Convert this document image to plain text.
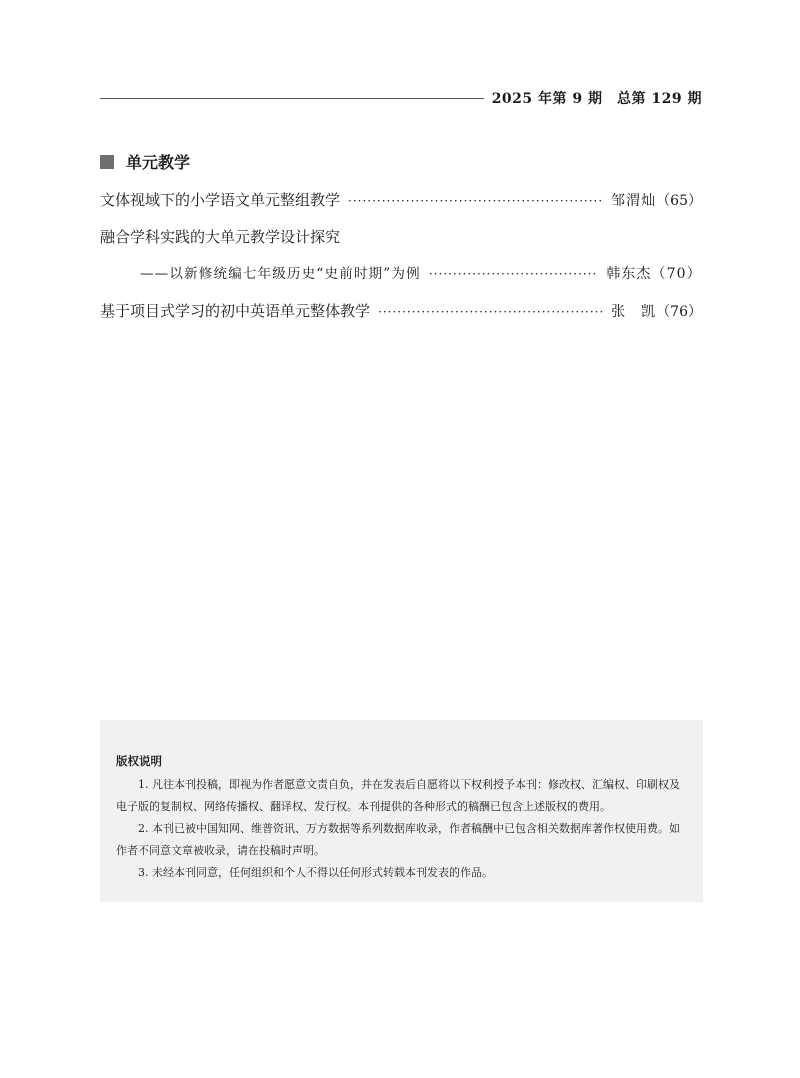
2025 年第 9 期　总第 129 期
单元教学
文体视域下的小学语文单元整组教学 ·····	邹渭灿 （65）
融合学科实践的大单元教学设计探究
——以新修统编七年级历史“史前时期”为例 ·····	韩东杰 （70）
基于项目式学习的初中英语单元整体教学 ·····	张　凯 （76）
版权说明

1. 凡往本刊投稿，即视为作者愿意文责自负，并在发表后自愿将以下权利授予本刊：修改权、汇编权、印刷权及电子版的复制权、网络传播权、翻译权、发行权。本刊提供的各种形式的稿酬已包含上述版权的费用。

2. 本刊已被中国知网、维普资讯、万方数据等系列数据库收录，作者稿酬中已包含相关数据库著作权使用费。如作者不同意文章被收录，请在投稿时声明。

3. 未经本刊同意，任何组织和个人不得以任何形式转载本刊发表的作品。
